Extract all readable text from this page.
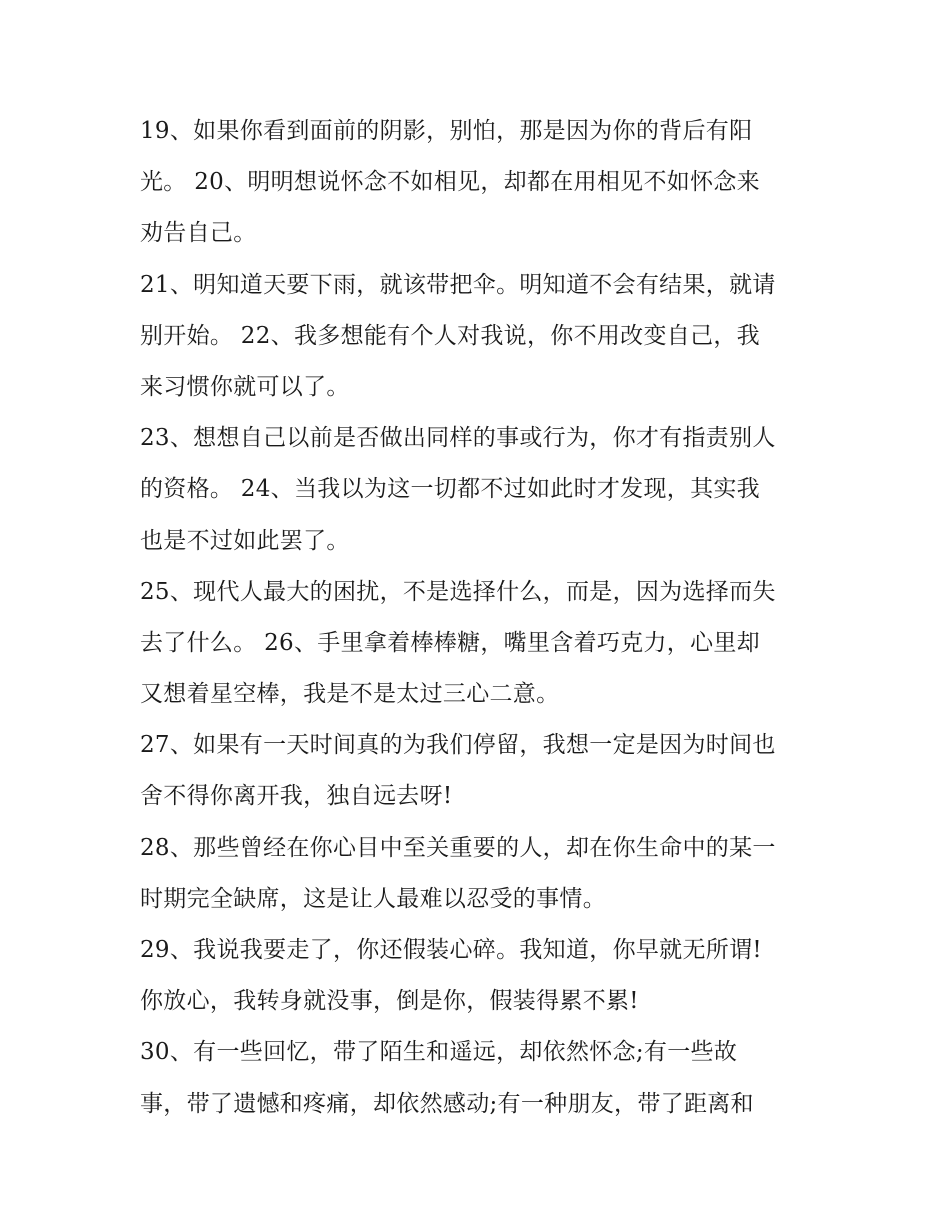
19、如果你看到面前的阴影，别怕，那是因为你的背后有阳
光。 20、明明想说怀念不如相见，却都在用相见不如怀念来
劝告自己。
21、明知道天要下雨，就该带把伞。明知道不会有结果，就请
别开始。 22、我多想能有个人对我说，你不用改变自己，我
来习惯你就可以了。
23、想想自己以前是否做出同样的事或行为，你才有指责别人
的资格。 24、当我以为这一切都不过如此时才发现，其实我
也是不过如此罢了。
25、现代人最大的困扰，不是选择什么，而是，因为选择而失
去了什么。 26、手里拿着棒棒糖，嘴里含着巧克力，心里却
又想着星空棒，我是不是太过三心二意。
27、如果有一天时间真的为我们停留，我想一定是因为时间也
舍不得你离开我，独自远去呀!
28、那些曾经在你心目中至关重要的人，却在你生命中的某一
时期完全缺席，这是让人最难以忍受的事情。
29、我说我要走了，你还假装心碎。我知道，你早就无所谓!
你放心，我转身就没事，倒是你，假装得累不累!
30、有一些回忆，带了陌生和遥远，却依然怀念;有一些故
事，带了遗憾和疼痛，却依然感动;有一种朋友，带了距离和
